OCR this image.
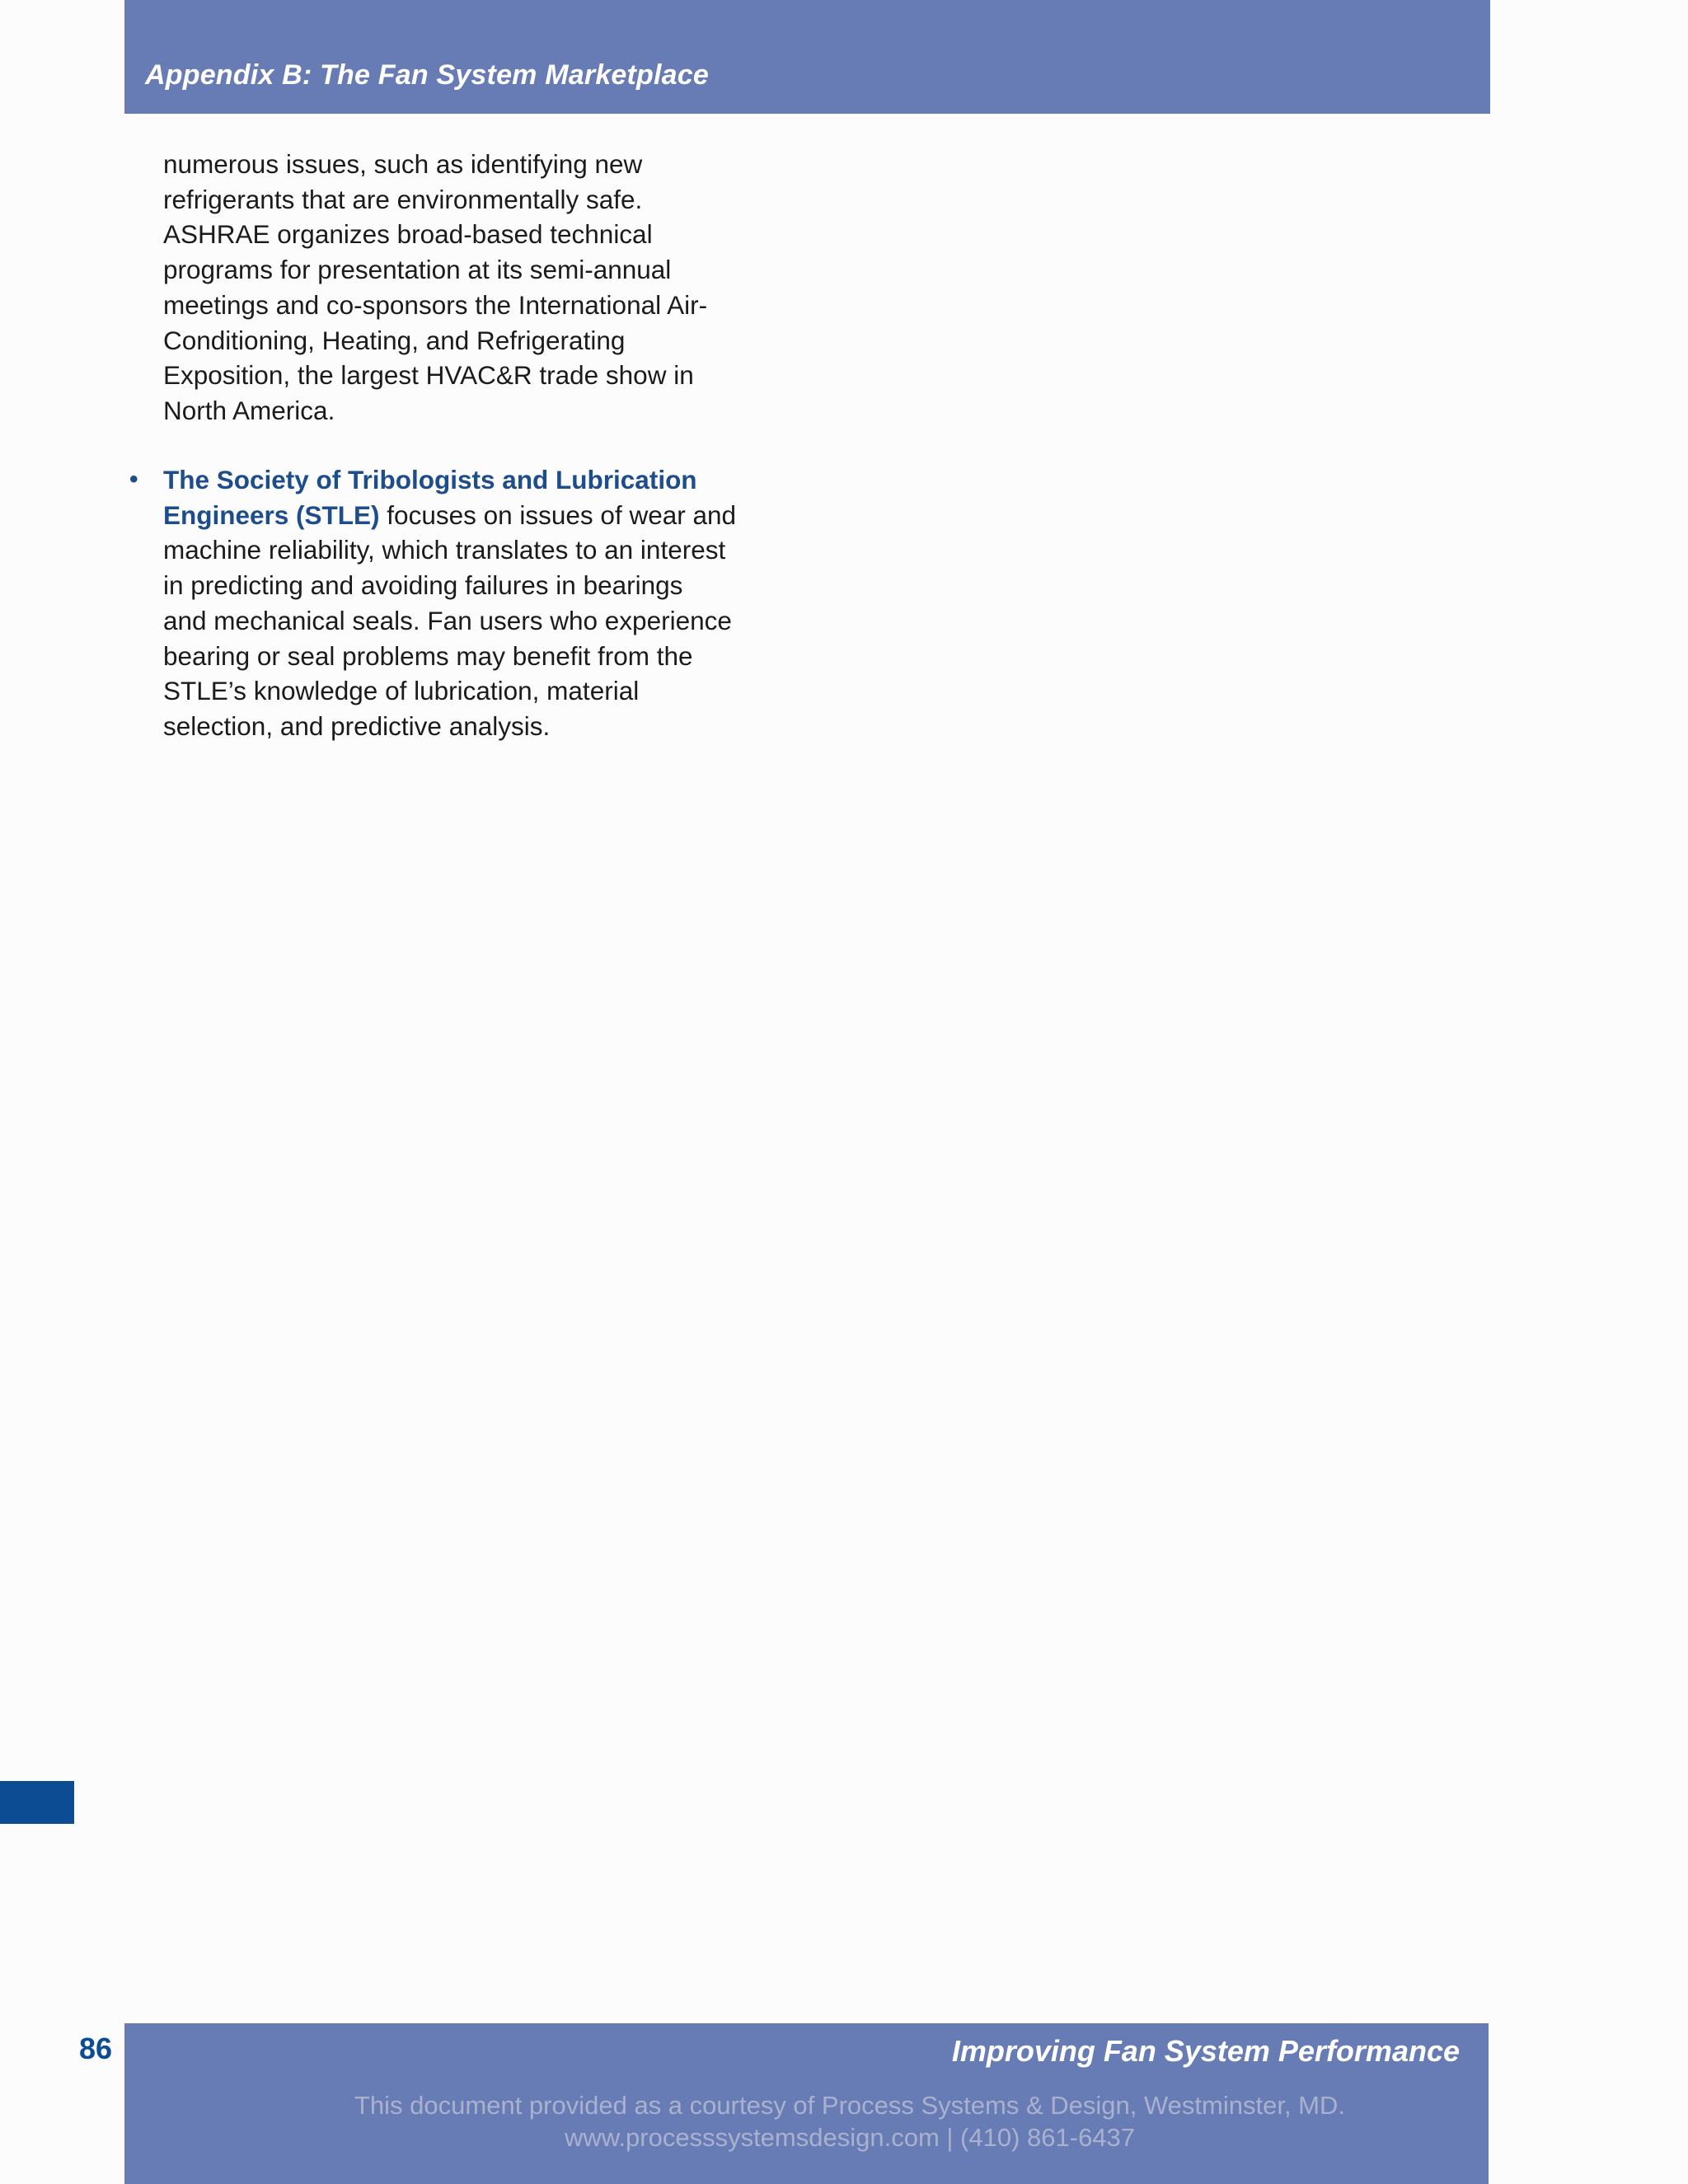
Appendix B: The Fan System Marketplace
numerous issues, such as identifying new
refrigerants that are environmentally safe.
ASHRAE organizes broad-based technical
programs for presentation at its semi-annual
meetings and co-sponsors the International Air-
Conditioning, Heating, and Refrigerating
Exposition, the largest HVAC&R trade show in
North America.
• The Society of Tribologists and Lubrication
Engineers (STLE) focuses on issues of wear and
machine reliability, which translates to an interest
in predicting and avoiding failures in bearings
and mechanical seals. Fan users who experience
bearing or seal problems may benefit from the
STLE’s knowledge of lubrication, material
selection, and predictive analysis.
86	Improving Fan System Performance
This document provided as a courtesy of Process Systems & Design, Westminster, MD.
www.processsystemsdesign.com | (410) 861-6437
